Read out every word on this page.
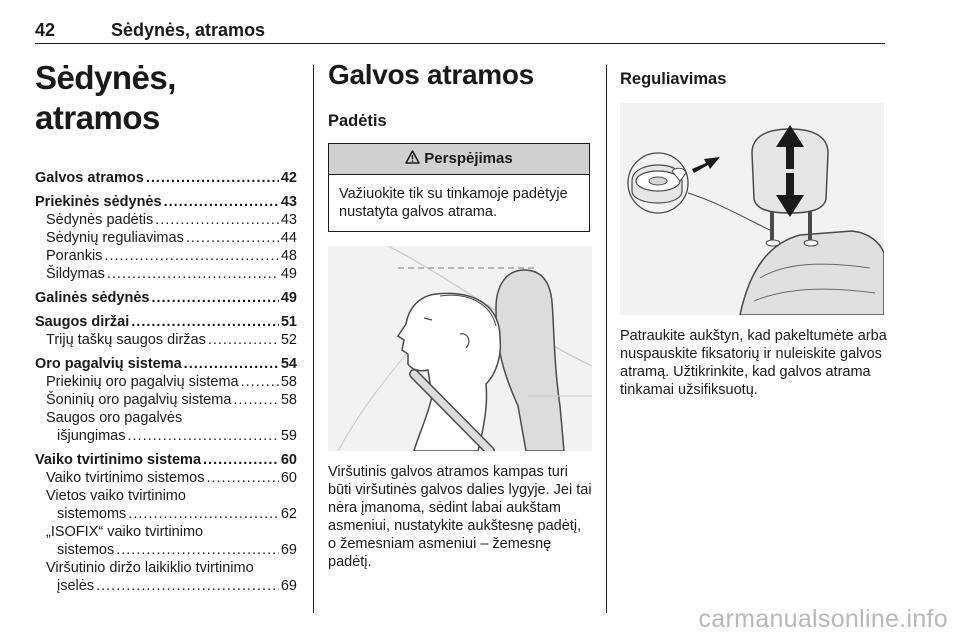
42	Sėdynės, atramos
Sėdynės, atramos
Galvos atramos .....	42
Priekinės sėdynės .....	43
Sėdynės padėtis .....	43
Sėdynių reguliavimas .....	44
Porankis .....	48
Šildymas .....	49
Galinės sėdynės .....	49
Saugos diržai .....	51
Trijų taškų saugos diržas .....	52
Oro pagalvių sistema .....	54
Priekinių oro pagalvių sistema .....	58
Šoninių oro pagalvių sistema .....	58
Saugos oro pagalvės
išjungimas .....	59
Vaiko tvirtinimo sistema .....	60
Vaiko tvirtinimo sistemos .....	60
Vietos vaiko tvirtinimo
sistemoms .....	62
„ISOFIX“ vaiko tvirtinimo
sistemos .....	69
Viršutinio diržo laikiklio tvirtinimo
įselės .....	69
Galvos atramos
Padėtis
Perspėjimas
Važiuokite tik su tinkamoje padėtyje nustatyta galvos atrama.
Viršutinis galvos atramos kampas turi būti viršutinės galvos dalies lygyje. Jei tai nėra įmanoma, sėdint labai aukštam asmeniui, nustatykite aukštesnę padėtį, o žemesniam asmeniui – žemesnę padėtį.
Reguliavimas
Patraukite aukštyn, kad pakeltumėte arba nuspauskite fiksatorių ir nuleiskite galvos atramą. Užtikrinkite, kad galvos atrama tinkamai užsifiksuotų.
carmanualsonline.info
